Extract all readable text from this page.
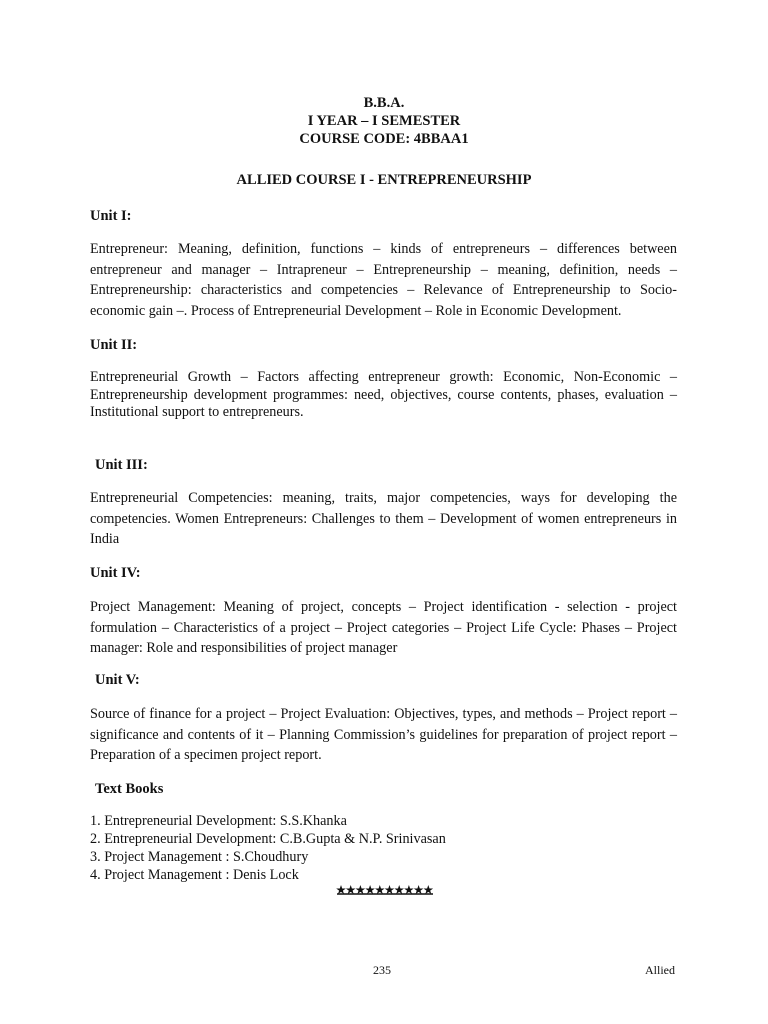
B.B.A.
I YEAR – I SEMESTER
COURSE CODE: 4BBAA1
ALLIED COURSE I - ENTREPRENEURSHIP
Unit I:
Entrepreneur: Meaning, definition, functions – kinds of entrepreneurs – differences between entrepreneur and manager – Intrapreneur – Entrepreneurship – meaning, definition, needs – Entrepreneurship: characteristics and competencies – Relevance of Entrepreneurship to Socio-economic gain –. Process of Entrepreneurial Development – Role in Economic Development.
Unit II:
Entrepreneurial Growth – Factors affecting entrepreneur growth: Economic, Non-Economic – Entrepreneurship development programmes: need, objectives, course contents, phases, evaluation – Institutional support to entrepreneurs.
Unit III:
Entrepreneurial Competencies: meaning, traits, major competencies, ways for developing the competencies. Women Entrepreneurs: Challenges to them – Development of women entrepreneurs in India
Unit IV:
Project Management: Meaning of project, concepts – Project identification - selection - project formulation – Characteristics of a project – Project categories – Project Life Cycle: Phases – Project manager: Role and responsibilities of project manager
Unit V:
Source of finance for a project – Project Evaluation: Objectives, types, and methods – Project report – significance and contents of it – Planning Commission’s guidelines for preparation of project report –Preparation of a specimen project report.
Text Books
1. Entrepreneurial Development: S.S.Khanka
2. Entrepreneurial Development: C.B.Gupta & N.P. Srinivasan
3. Project Management : S.Choudhury
4. Project Management : Denis Lock
235	Allied
